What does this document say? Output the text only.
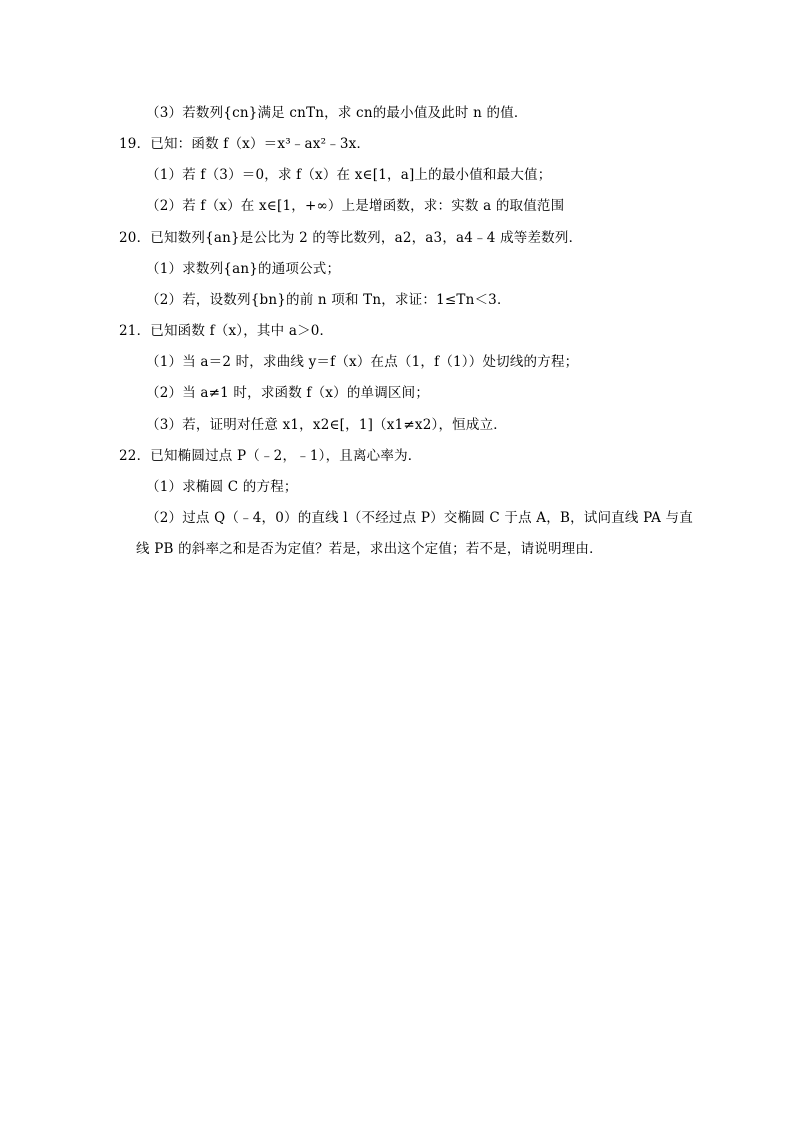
（3）若数列{cn}满足 cnTn，求 cn的最小值及此时 n 的值．
19．已知：函数 f（x）＝x³﹣ax²﹣3x．
（1）若 f（3）＝0，求 f（x）在 x∈[1，a]上的最小值和最大值；
（2）若 f（x）在 x∈[1，+∞）上是增函数，求：实数 a 的取值范围
20．已知数列{an}是公比为 2 的等比数列，a2，a3，a4﹣4 成等差数列．
（1）求数列{an}的通项公式；
（2）若，设数列{bn}的前 n 项和 Tn，求证：1≤Tn＜3．
21．已知函数 f（x），其中 a＞0．
（1）当 a＝2 时，求曲线 y＝f（x）在点（1，f（1））处切线的方程；
（2）当 a≠1 时，求函数 f（x）的单调区间；
（3）若，证明对任意 x1，x2∈[，1]（x1≠x2），恒成立．
22．已知椭圆过点 P（﹣2，﹣1），且离心率为．
（1）求椭圆 C 的方程；
（2）过点 Q（﹣4，0）的直线 l（不经过点 P）交椭圆 C 于点 A，B，试问直线 PA 与直
线 PB 的斜率之和是否为定值？若是，求出这个定值；若不是，请说明理由．
